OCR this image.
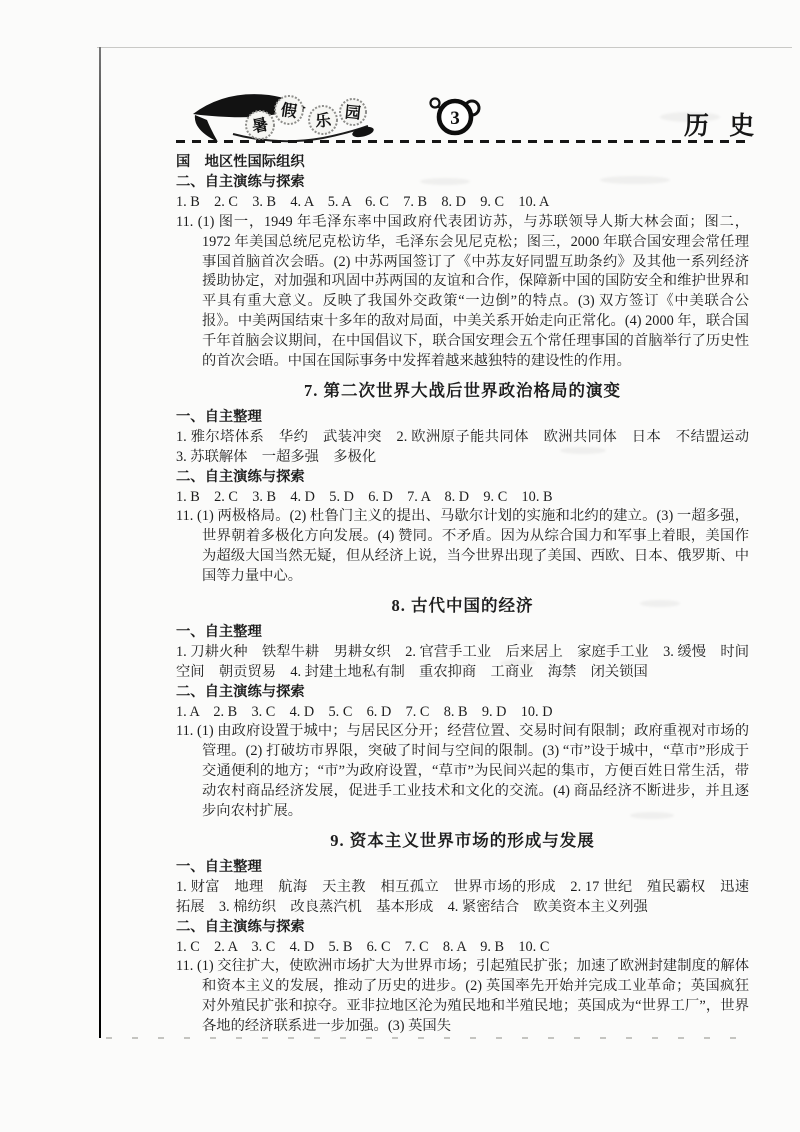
暑
假
乐 园	3	历 史
国　地区性国际组织
二、自主演练与探索
1. B　2. C　3. B　4. A　5. A　6. C　7. B　8. D　9. C　10. A
11. (1) 图一，1949 年毛泽东率中国政府代表团访苏，与苏联领导人斯大林会面；图二，1972 年美国总统尼克松访华，毛泽东会见尼克松；图三，2000 年联合国安理会常任理事国首脑首次会晤。(2) 中苏两国签订了《中苏友好同盟互助条约》及其他一系列经济援助协定，对加强和巩固中苏两国的友谊和合作，保障新中国的国防安全和维护世界和平具有重大意义。反映了我国外交政策“一边倒”的特点。(3) 双方签订《中美联合公报》。中美两国结束十多年的敌对局面，中美关系开始走向正常化。(4) 2000 年，联合国千年首脑会议期间，在中国倡议下，联合国安理会五个常任理事国的首脑举行了历史性的首次会晤。中国在国际事务中发挥着越来越独特的建设性的作用。
7. 第二次世界大战后世界政治格局的演变
一、自主整理
1. 雅尔塔体系　华约　武装冲突　2. 欧洲原子能共同体　欧洲共同体　日本　不结盟运动　3. 苏联解体　一超多强　多极化
二、自主演练与探索
1. B　2. C　3. B　4. D　5. D　6. D　7. A　8. D　9. C　10. B
11. (1) 两极格局。(2) 杜鲁门主义的提出、马歇尔计划的实施和北约的建立。(3) 一超多强，世界朝着多极化方向发展。(4) 赞同。不矛盾。因为从综合国力和军事上着眼，美国作为超级大国当然无疑，但从经济上说，当今世界出现了美国、西欧、日本、俄罗斯、中国等力量中心。
8. 古代中国的经济
一、自主整理
1. 刀耕火种　铁犁牛耕　男耕女织　2. 官营手工业　后来居上　家庭手工业　3. 缓慢　时间　空间　朝贡贸易　4. 封建土地私有制　重农抑商　工商业　海禁　闭关锁国
二、自主演练与探索
1. A　2. B　3. C　4. D　5. C　6. D　7. C　8. B　9. D　10. D
11. (1) 由政府设置于城中；与居民区分开；经营位置、交易时间有限制；政府重视对市场的管理。(2) 打破坊市界限，突破了时间与空间的限制。(3) “市”设于城中，“草市”形成于交通便利的地方；“市”为政府设置，“草市”为民间兴起的集市，方便百姓日常生活，带动农村商品经济发展，促进手工业技术和文化的交流。(4) 商品经济不断进步，并且逐步向农村扩展。
9. 资本主义世界市场的形成与发展
一、自主整理
1. 财富　地理　航海　天主教　相互孤立　世界市场的形成　2. 17 世纪　殖民霸权　迅速拓展　3. 棉纺织　改良蒸汽机　基本形成　4. 紧密结合　欧美资本主义列强
二、自主演练与探索
1. C　2. A　3. C　4. D　5. B　6. C　7. C　8. A　9. B　10. C
11. (1) 交往扩大，使欧洲市场扩大为世界市场；引起殖民扩张；加速了欧洲封建制度的解体和资本主义的发展，推动了历史的进步。(2) 英国率先开始并完成工业革命；英国疯狂对外殖民扩张和掠夺。亚非拉地区沦为殖民地和半殖民地；英国成为“世界工厂”，世界各地的经济联系进一步加强。(3) 英国失
